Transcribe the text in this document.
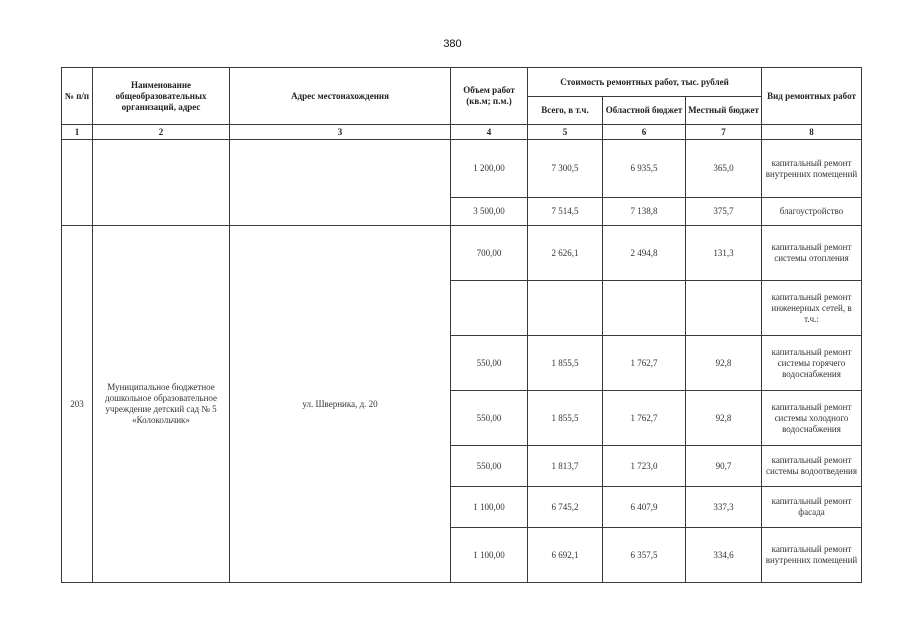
380
№ п/п	Наименование общеобразовательных организаций, адрес	Адрес местонахождения	Объем работ (кв.м; п.м.)	Стоимость ремонтных работ, тыс. рублей			Вид ремонтных работ
				Всего, в т.ч.	Областной бюджет	Местный бюджет	
1	2	3	4	5	6	7	8
			1 200,00	7 300,5	6 935,5	365,0	капитальный ремонт внутренних помещений
			3 500,00	7 514,5	7 138,8	375,7	благоустройство
203	Муниципальное бюджетное дошкольное образовательное учреждение детский сад № 5 «Колокольчик»	ул. Шверника, д. 20	700,00	2 626,1	2 494,8	131,3	капитальный ремонт системы отопления
							капитальный ремонт инженерных сетей, в т.ч.:
			550,00	1 855,5	1 762,7	92,8	капитальный ремонт системы горячего водоснабжения
			550,00	1 855,5	1 762,7	92,8	капитальный ремонт системы холодного водоснабжения
			550,00	1 813,7	1 723,0	90,7	капитальный ремонт системы водоотведения
			1 100,00	6 745,2	6 407,9	337,3	капитальный ремонт фасада
			1 100,00	6 692,1	6 357,5	334,6	капитальный ремонт внутренних помещений
